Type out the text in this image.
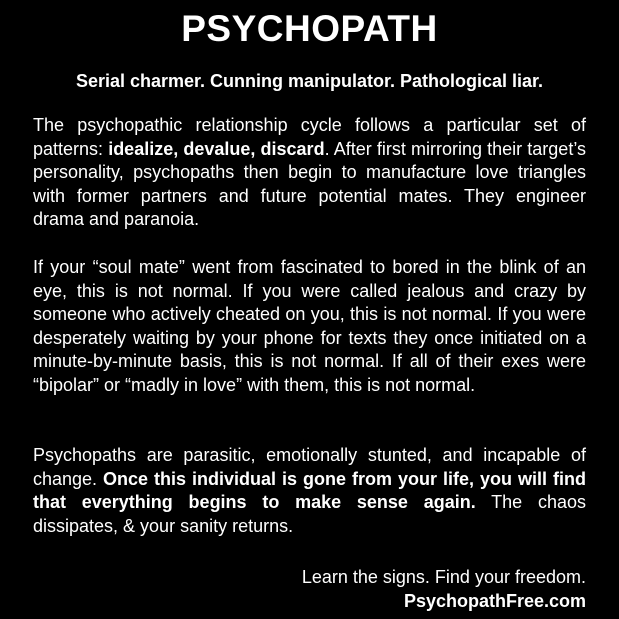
PSYCHOPATH
Serial charmer. Cunning manipulator. Pathological liar.

The psychopathic relationship cycle follows a particular set of patterns: idealize, devalue, discard. After first mirroring their target’s personality, psychopaths then begin to manufacture love triangles with former partners and future potential mates. They engineer drama and paranoia.

If your “soul mate” went from fascinated to bored in the blink of an eye, this is not normal. If you were called jealous and crazy by someone who actively cheated on you, this is not normal. If you were desperately waiting by your phone for texts they once initiated on a minute-by-minute basis, this is not normal. If all of their exes were “bipolar” or “madly in love” with them, this is not normal.

Psychopaths are parasitic, emotionally stunted, and incapable of change. Once this individual is gone from your life, you will find that everything begins to make sense again. The chaos dissipates, & your sanity returns.

Learn the signs. Find your freedom.
PsychopathFree.com
